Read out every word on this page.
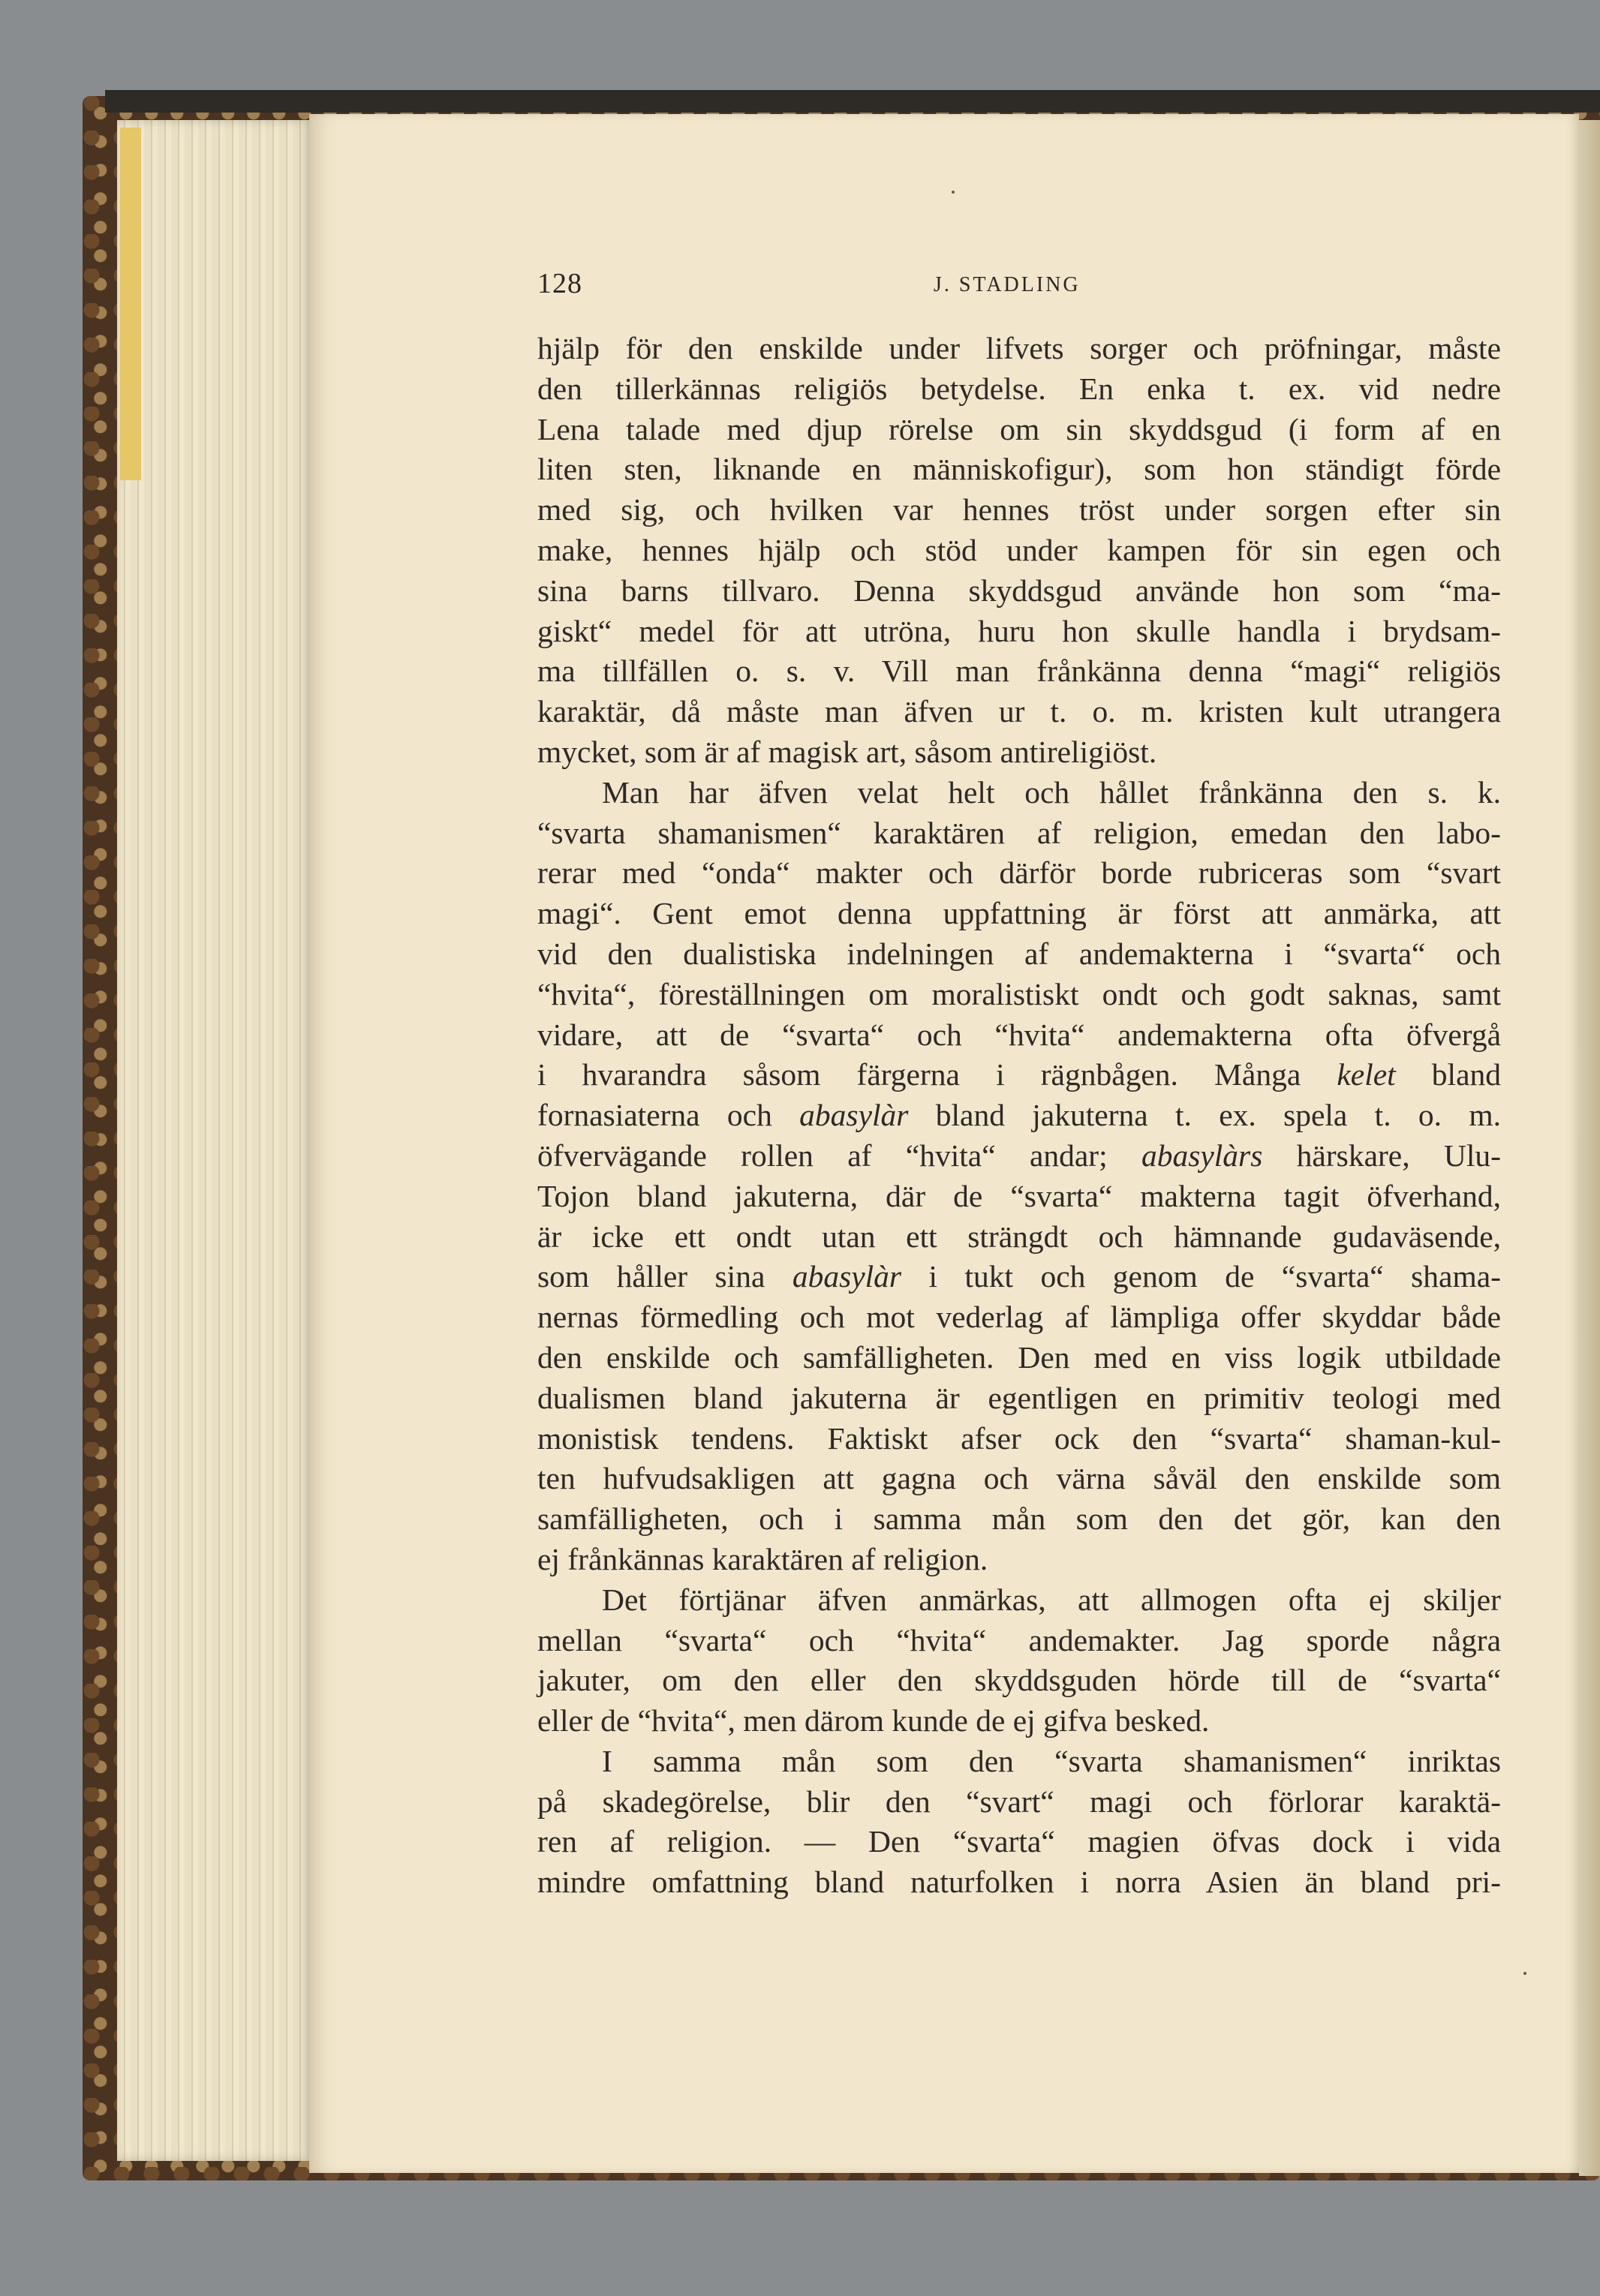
128	J. STADLING
hjälp för den enskilde under lifvets sorger och pröfningar, måste
den tillerkännas religiös betydelse. En enka t. ex. vid nedre
Lena talade med djup rörelse om sin skyddsgud (i form af en
liten sten, liknande en människofigur), som hon ständigt förde
med sig, och hvilken var hennes tröst under sorgen efter sin
make, hennes hjälp och stöd under kampen för sin egen och
sina barns tillvaro. Denna skyddsgud använde hon som “ma-
giskt“ medel för att utröna, huru hon skulle handla i brydsam-
ma tillfällen o. s. v. Vill man frånkänna denna “magi“ religiös
karaktär, då måste man äfven ur t. o. m. kristen kult utrangera
mycket, som är af magisk art, såsom antireligiöst.
Man har äfven velat helt och hållet frånkänna den s. k.
“svarta shamanismen“ karaktären af religion, emedan den labo-
rerar med “onda“ makter och därför borde rubriceras som “svart
magi“. Gent emot denna uppfattning är först att anmärka, att
vid den dualistiska indelningen af andemakterna i “svarta“ och
“hvita“, föreställningen om moralistiskt ondt och godt saknas, samt
vidare, att de “svarta“ och “hvita“ andemakterna ofta öfvergå
i hvarandra såsom färgerna i rägnbågen. Många kelet bland
fornasiaterna och abasylàr bland jakuterna t. ex. spela t. o. m.
öfvervägande rollen af “hvita“ andar; abasylàrs härskare, Ulu-
Tojon bland jakuterna, där de “svarta“ makterna tagit öfverhand,
är icke ett ondt utan ett strängdt och hämnande gudaväsende,
som håller sina abasylàr i tukt och genom de “svarta“ shama-
nernas förmedling och mot vederlag af lämpliga offer skyddar både
den enskilde och samfälligheten. Den med en viss logik utbildade
dualismen bland jakuterna är egentligen en primitiv teologi med
monistisk tendens. Faktiskt afser ock den “svarta“ shaman-kul-
ten hufvudsakligen att gagna och värna såväl den enskilde som
samfälligheten, och i samma mån som den det gör, kan den
ej frånkännas karaktären af religion.
Det förtjänar äfven anmärkas, att allmogen ofta ej skiljer
mellan “svarta“ och “hvita“ andemakter. Jag sporde några
jakuter, om den eller den skyddsguden hörde till de “svarta“
eller de “hvita“, men därom kunde de ej gifva besked.
I samma mån som den “svarta shamanismen“ inriktas
på skadegörelse, blir den “svart“ magi och förlorar karaktä-
ren af religion. — Den “svarta“ magien öfvas dock i vida
mindre omfattning bland naturfolken i norra Asien än bland pri-
